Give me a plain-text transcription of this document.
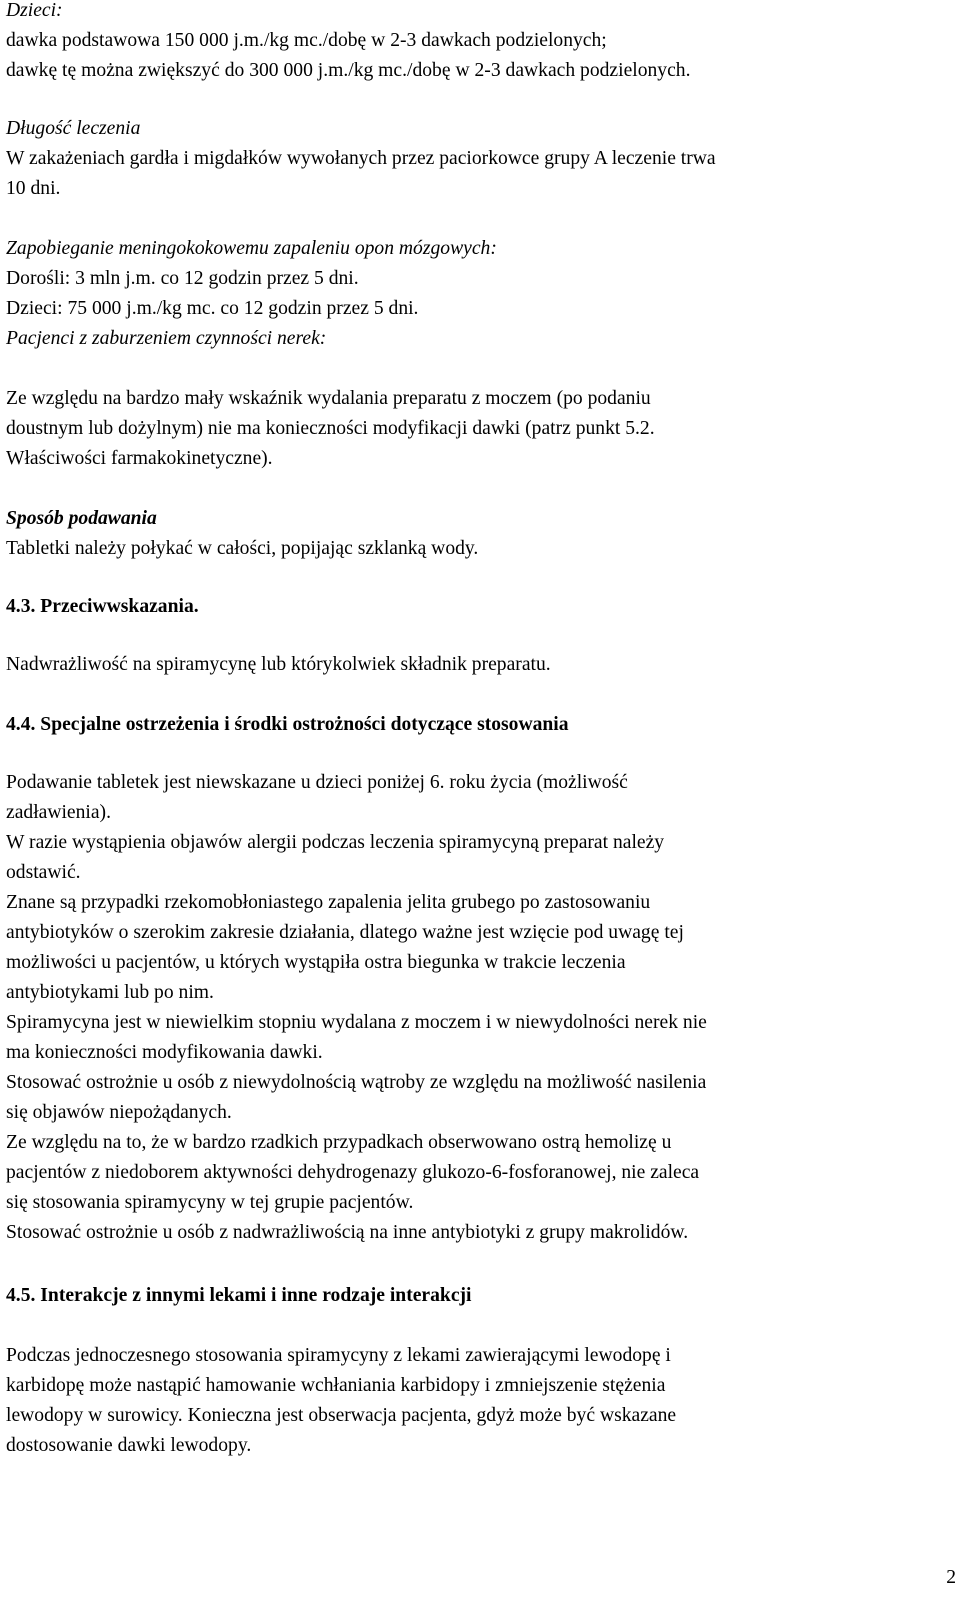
Dzieci:
dawka podstawowa 150 000 j.m./kg mc./dobę w 2-3 dawkach podzielonych;
dawkę tę można zwiększyć do 300 000 j.m./kg mc./dobę w 2-3 dawkach podzielonych.
Długość leczenia
W zakażeniach gardła i migdałków wywołanych przez paciorkowce grupy A leczenie trwa
10 dni.
Zapobieganie meningokokowemu zapaleniu opon mózgowych:
Dorośli: 3 mln j.m. co 12 godzin przez 5 dni.
Dzieci: 75 000 j.m./kg mc. co 12 godzin przez 5 dni.
Pacjenci z zaburzeniem czynności nerek:
Ze względu na bardzo mały wskaźnik wydalania preparatu z moczem (po podaniu
doustnym lub dożylnym) nie ma konieczności modyfikacji dawki (patrz punkt 5.2.
Właściwości farmakokinetyczne).
Sposób podawania
Tabletki należy połykać w całości, popijając szklanką wody.
4.3. Przeciwwskazania.
Nadwrażliwość na spiramycynę lub którykolwiek składnik preparatu.
4.4. Specjalne ostrzeżenia i środki ostrożności dotyczące stosowania
Podawanie tabletek jest niewskazane u dzieci poniżej 6. roku życia (możliwość
zadławienia).
W razie wystąpienia objawów alergii podczas leczenia spiramycyną preparat należy
odstawić.
Znane są przypadki rzekomobłoniastego zapalenia jelita grubego po zastosowaniu
antybiotyków o szerokim zakresie działania, dlatego ważne jest wzięcie pod uwagę tej
możliwości u pacjentów, u których wystąpiła ostra biegunka w trakcie leczenia
antybiotykami lub po nim.
Spiramycyna jest w niewielkim stopniu wydalana z moczem i w niewydolności nerek nie
ma konieczności modyfikowania dawki.
Stosować ostrożnie u osób z niewydolnością wątroby ze względu na możliwość nasilenia
się objawów niepożądanych.
Ze względu na to, że w bardzo rzadkich przypadkach obserwowano ostrą hemolizę u
pacjentów z niedoborem aktywności dehydrogenazy glukozo-6-fosforanowej, nie zaleca
się stosowania spiramycyny w tej grupie pacjentów.
Stosować ostrożnie u osób z nadwrażliwością na inne antybiotyki z grupy makrolidów.
4.5. Interakcje z innymi lekami i inne rodzaje interakcji
Podczas jednoczesnego stosowania spiramycyny z lekami zawierającymi lewodopę i
karbidopę może nastąpić hamowanie wchłaniania karbidopy i zmniejszenie stężenia
lewodopy w surowicy. Konieczna jest obserwacja pacjenta, gdyż może być wskazane
dostosowanie dawki lewodopy.
2
